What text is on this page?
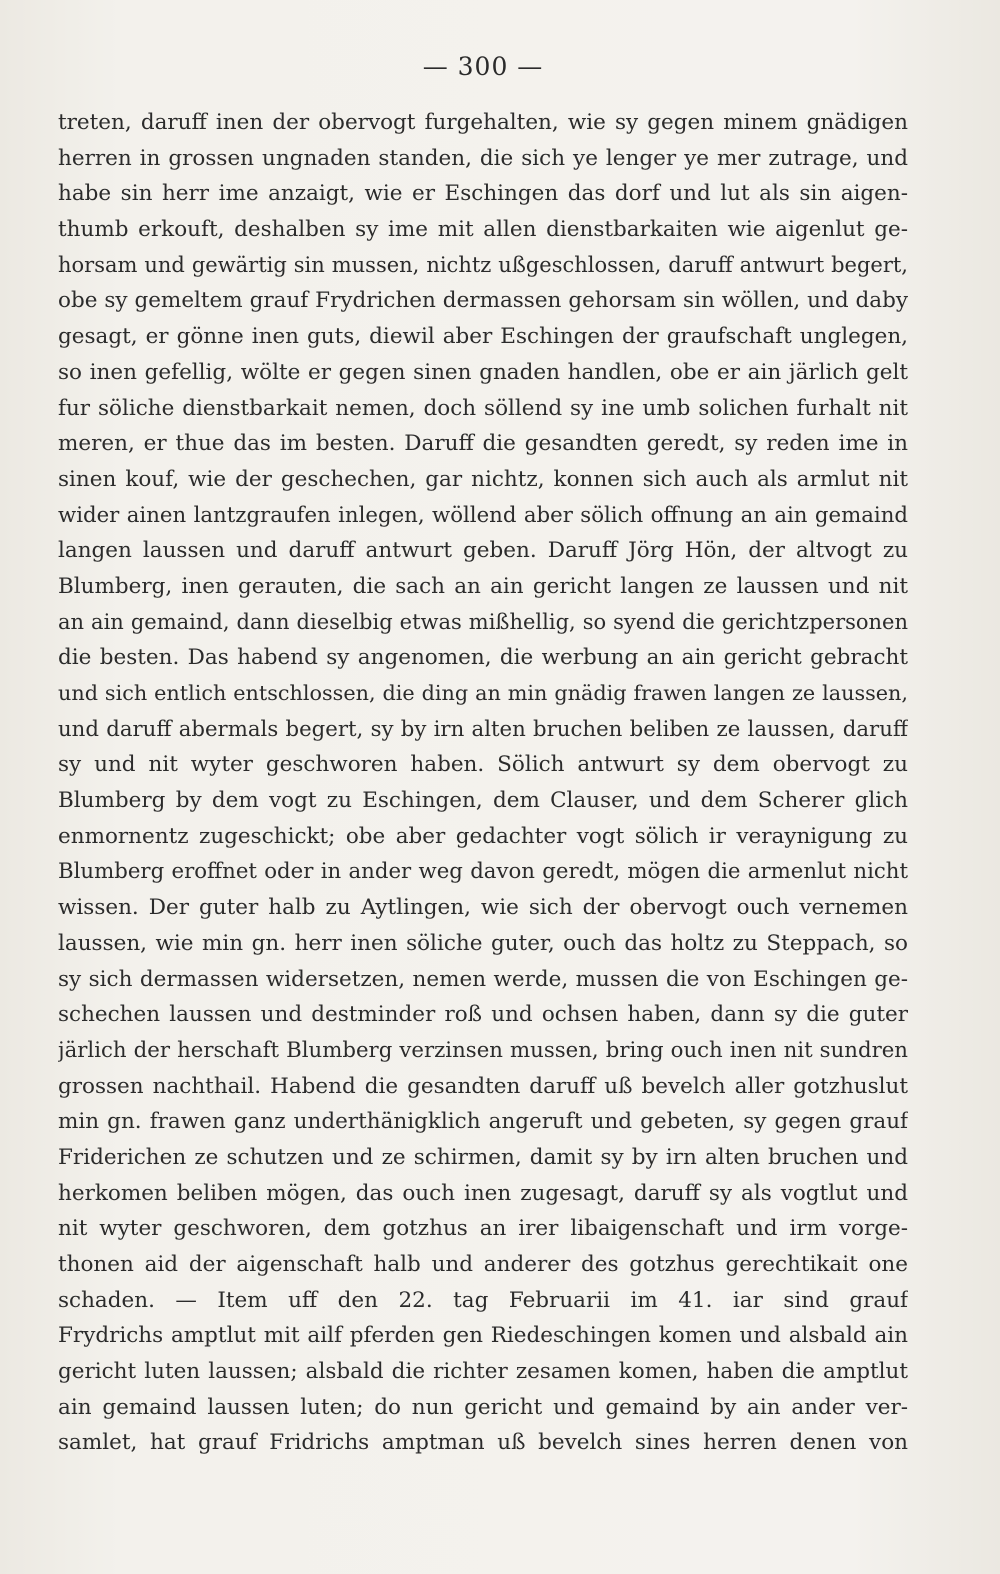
— 300 —
treten, daruff inen der obervogt furgehalten, wie sy gegen minem gnädigen
herren in grossen ungnaden standen, die sich ye lenger ye mer zutrage, und
habe sin herr ime anzaigt, wie er Eschingen das dorf und lut als sin aigen-
thumb erkouft, deshalben sy ime mit allen dienstbarkaiten wie aigenlut ge-
horsam und gewärtig sin mussen, nichtz ußgeschlossen, daruff antwurt begert,
obe sy gemeltem grauf Frydrichen dermassen gehorsam sin wöllen, und daby
gesagt, er gönne inen guts, diewil aber Eschingen der graufschaft unglegen,
so inen gefellig, wölte er gegen sinen gnaden handlen, obe er ain järlich gelt
fur söliche dienstbarkait nemen, doch söllend sy ine umb solichen furhalt nit
meren, er thue das im besten. Daruff die gesandten geredt, sy reden ime in
sinen kouf, wie der geschechen, gar nichtz, konnen sich auch als armlut nit
wider ainen lantzgraufen inlegen, wöllend aber sölich offnung an ain gemaind
langen laussen und daruff antwurt geben. Daruff Jörg Hön, der altvogt zu
Blumberg, inen gerauten, die sach an ain gericht langen ze laussen und nit
an ain gemaind, dann dieselbig etwas mißhellig, so syend die gerichtzpersonen
die besten. Das habend sy angenomen, die werbung an ain gericht gebracht
und sich entlich entschlossen, die ding an min gnädig frawen langen ze laussen,
und daruff abermals begert, sy by irn alten bruchen beliben ze laussen, daruff
sy und nit wyter geschworen haben. Sölich antwurt sy dem obervogt zu
Blumberg by dem vogt zu Eschingen, dem Clauser, und dem Scherer glich
enmornentz zugeschickt; obe aber gedachter vogt sölich ir veraynigung zu
Blumberg eroffnet oder in ander weg davon geredt, mögen die armenlut nicht
wissen. Der guter halb zu Aytlingen, wie sich der obervogt ouch vernemen
laussen, wie min gn. herr inen söliche guter, ouch das holtz zu Steppach, so
sy sich dermassen widersetzen, nemen werde, mussen die von Eschingen ge-
schechen laussen und destminder roß und ochsen haben, dann sy die guter
järlich der herschaft Blumberg verzinsen mussen, bring ouch inen nit sundren
grossen nachthail. Habend die gesandten daruff uß bevelch aller gotzhuslut
min gn. frawen ganz underthänigklich angeruft und gebeten, sy gegen grauf
Friderichen ze schutzen und ze schirmen, damit sy by irn alten bruchen und
herkomen beliben mögen, das ouch inen zugesagt, daruff sy als vogtlut und
nit wyter geschworen, dem gotzhus an irer libaigenschaft und irm vorge-
thonen aid der aigenschaft halb und anderer des gotzhus gerechtikait one
schaden. — Item uff den 22. tag Februarii im 41. iar sind grauf
Frydrichs amptlut mit ailf pferden gen Riedeschingen komen und alsbald ain
gericht luten laussen; alsbald die richter zesamen komen, haben die amptlut
ain gemaind laussen luten; do nun gericht und gemaind by ain ander ver-
samlet, hat grauf Fridrichs amptman uß bevelch sines herren denen von
